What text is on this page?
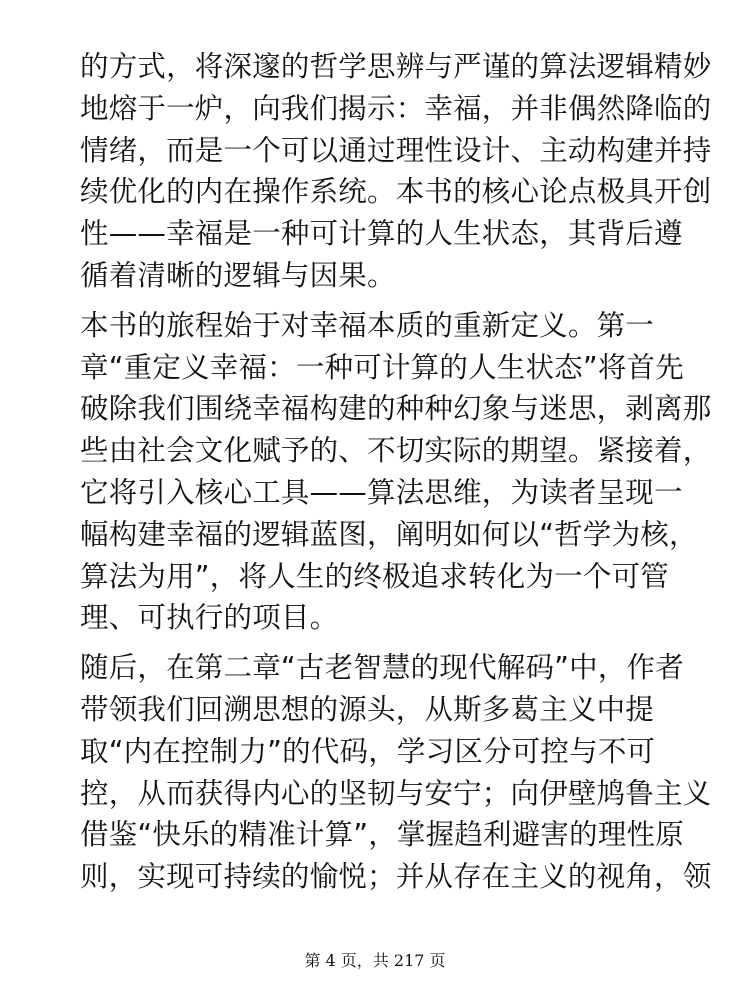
的方式，将深邃的哲学思辨与严谨的算法逻辑精妙
地熔于一炉，向我们揭示：幸福，并非偶然降临的
情绪，而是一个可以通过理性设计、主动构建并持
续优化的内在操作系统。本书的核心论点极具开创
性——幸福是一种可计算的人生状态，其背后遵
循着清晰的逻辑与因果。

本书的旅程始于对幸福本质的重新定义。第一
章“重定义幸福：一种可计算的人生状态”将首先
破除我们围绕幸福构建的种种幻象与迷思，剥离那
些由社会文化赋予的、不切实际的期望。紧接着，
它将引入核心工具——算法思维，为读者呈现一
幅构建幸福的逻辑蓝图，阐明如何以“哲学为核，
算法为用”，将人生的终极追求转化为一个可管
理、可执行的项目。

随后，在第二章“古老智慧的现代解码”中，作者
带领我们回溯思想的源头，从斯多葛主义中提
取“内在控制力”的代码，学习区分可控与不可
控，从而获得内心的坚韧与安宁；向伊壁鸠鲁主义
借鉴“快乐的精准计算”，掌握趋利避害的理性原
则，实现可持续的愉悦；并从存在主义的视角，领

第 4 页，共 217 页
